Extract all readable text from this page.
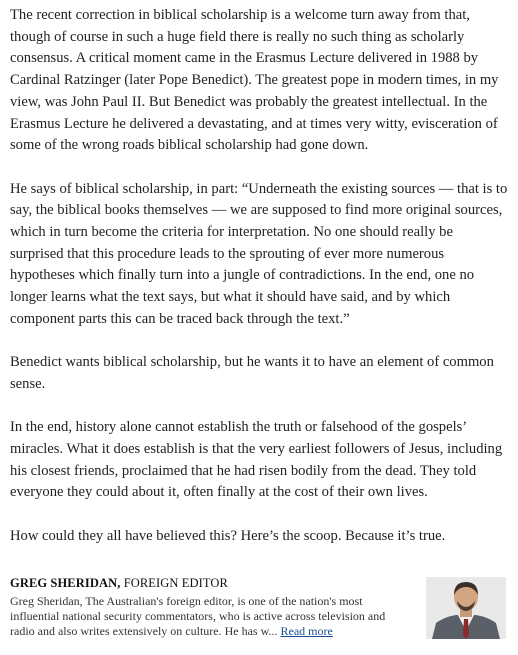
The recent correction in biblical scholarship is a welcome turn away from that, though of course in such a huge field there is really no such thing as scholarly consensus. A critical moment came in the Erasmus Lecture delivered in 1988 by Cardinal Ratzinger (later Pope Benedict). The greatest pope in modern times, in my view, was John Paul II. But Benedict was probably the greatest intellectual. In the Erasmus Lecture he delivered a devastating, and at times very witty, evisceration of some of the wrong roads biblical scholarship had gone down.

He says of biblical scholarship, in part: “Underneath the existing sources — that is to say, the biblical books themselves — we are supposed to find more original sources, which in turn become the criteria for interpretation. No one should really be surprised that this procedure leads to the sprouting of ever more numerous hypotheses which finally turn into a jungle of contradictions. In the end, one no longer learns what the text says, but what it should have said, and by which component parts this can be traced back through the text.”

Benedict wants biblical scholarship, but he wants it to have an element of common sense.

In the end, history alone cannot establish the truth or falsehood of the gospels’ miracles. What it does establish is that the very earliest followers of Jesus, including his closest friends, proclaimed that he had risen bodily from the dead. They told everyone they could about it, often finally at the cost of their own lives.

How could they all have believed this? Here’s the scoop. Because it’s true.

GREG SHERIDAN, FOREIGN EDITOR
Greg Sheridan, The Australian's foreign editor, is one of the nation's most influential national security commentators, who is active across television and radio and also writes extensively on culture. He has w... Read more
